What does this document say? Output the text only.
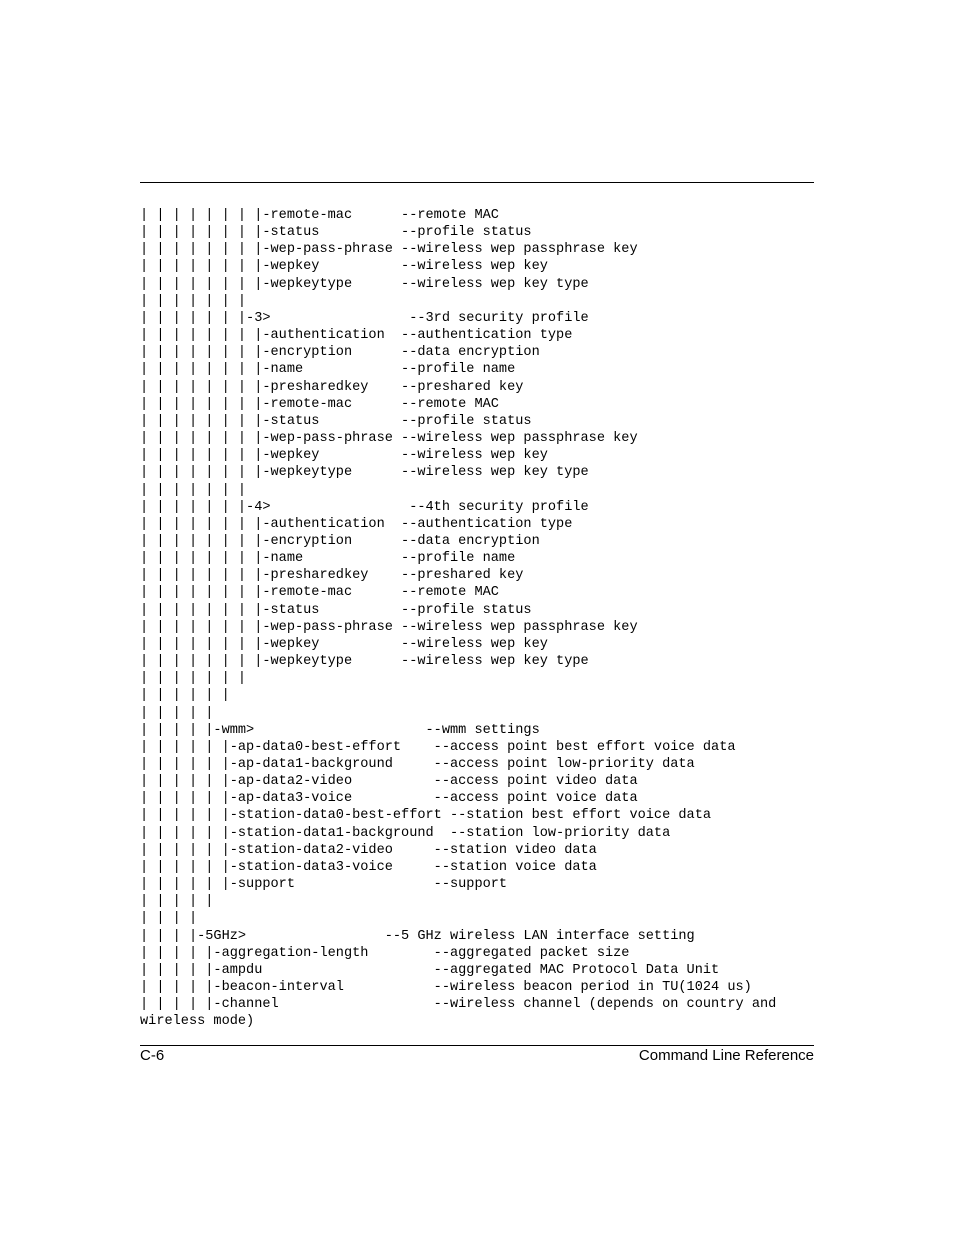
| | | | | | | |-remote-mac      --remote MAC
| | | | | | | |-status          --profile status
| | | | | | | |-wep-pass-phrase --wireless wep passphrase key
| | | | | | | |-wepkey          --wireless wep key
| | | | | | | |-wepkeytype      --wireless wep key type
| | | | | | |
| | | | | | |-3>                 --3rd security profile
| | | | | | | |-authentication  --authentication type
| | | | | | | |-encryption      --data encryption
| | | | | | | |-name            --profile name
| | | | | | | |-presharedkey    --preshared key
| | | | | | | |-remote-mac      --remote MAC
| | | | | | | |-status          --profile status
| | | | | | | |-wep-pass-phrase --wireless wep passphrase key
| | | | | | | |-wepkey          --wireless wep key
| | | | | | | |-wepkeytype      --wireless wep key type
| | | | | | |
| | | | | | |-4>                 --4th security profile
| | | | | | | |-authentication  --authentication type
| | | | | | | |-encryption      --data encryption
| | | | | | | |-name            --profile name
| | | | | | | |-presharedkey    --preshared key
| | | | | | | |-remote-mac      --remote MAC
| | | | | | | |-status          --profile status
| | | | | | | |-wep-pass-phrase --wireless wep passphrase key
| | | | | | | |-wepkey          --wireless wep key
| | | | | | | |-wepkeytype      --wireless wep key type
| | | | | | |
| | | | | |
| | | | |
| | | | |-wmm>                     --wmm settings
| | | | | |-ap-data0-best-effort    --access point best effort voice data
| | | | | |-ap-data1-background     --access point low-priority data
| | | | | |-ap-data2-video          --access point video data
| | | | | |-ap-data3-voice          --access point voice data
| | | | | |-station-data0-best-effort --station best effort voice data
| | | | | |-station-data1-background  --station low-priority data
| | | | | |-station-data2-video     --station video data
| | | | | |-station-data3-voice     --station voice data
| | | | | |-support                 --support
| | | | |
| | | |
| | | |-5GHz>                 --5 GHz wireless LAN interface setting
| | | | |-aggregation-length        --aggregated packet size
| | | | |-ampdu                     --aggregated MAC Protocol Data Unit
| | | | |-beacon-interval           --wireless beacon period in TU(1024 us)
| | | | |-channel                   --wireless channel (depends on country and
wireless mode)
C-6	Command Line Reference
